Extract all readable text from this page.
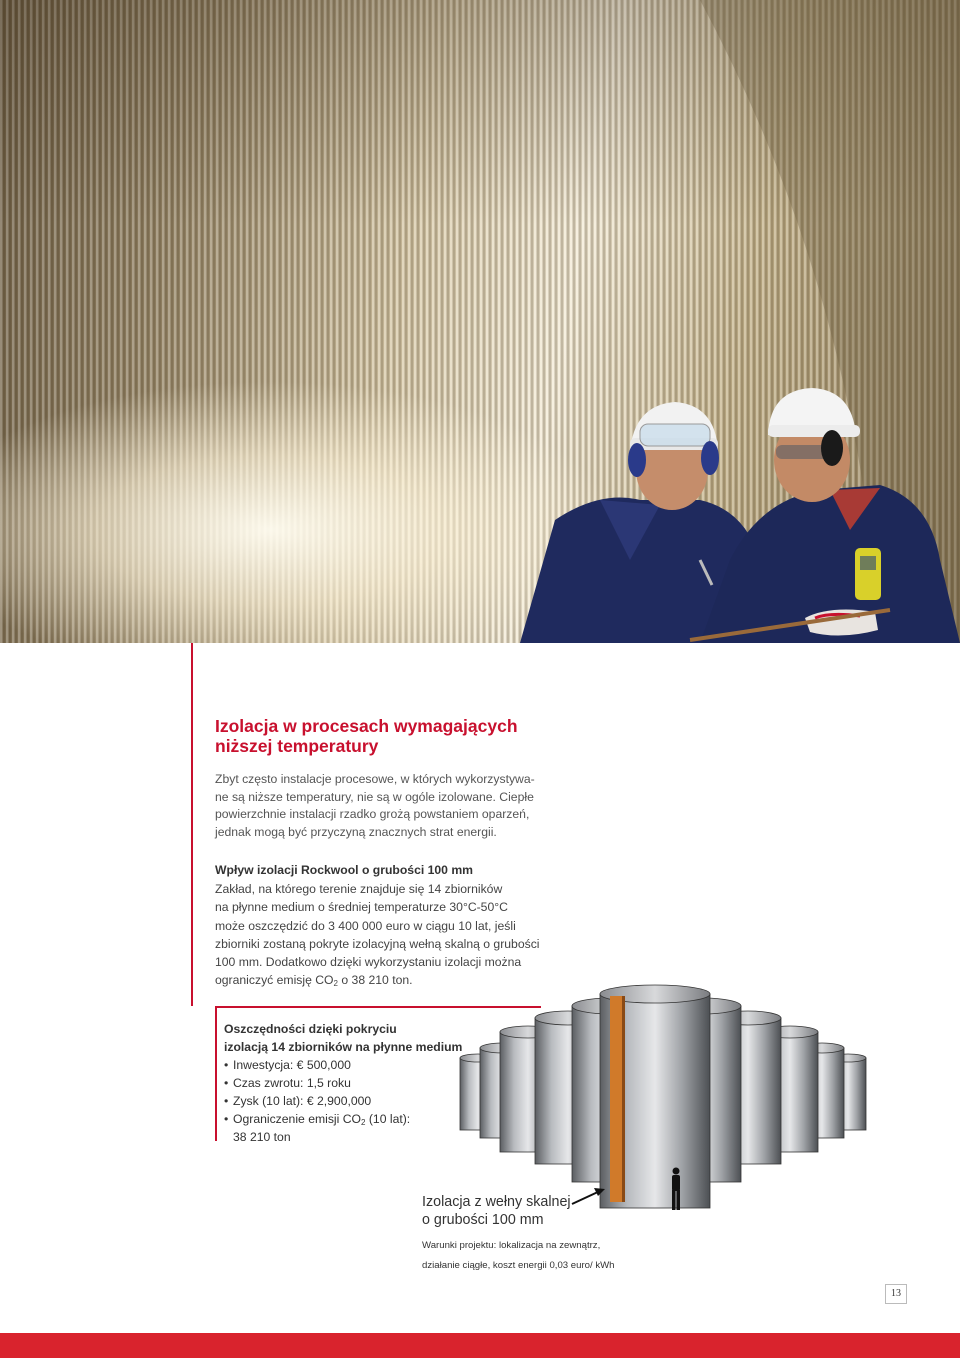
Izolacja w procesach wymagających
niższej temperatury
Zbyt często instalacje procesowe, w których wykorzystywa-
ne są niższe temperatury, nie są w ogóle izolowane. Ciepłe
powierzchnie instalacji rzadko grożą powstaniem oparzeń,
jednak mogą być przyczyną znacznych strat energii.
Wpływ izolacji Rockwool o grubości 100 mm
Zakład, na którego terenie znajduje się 14 zbiorników
na płynne medium o średniej temperaturze 30°C-50°C
może oszczędzić do 3 400 000 euro w ciągu 10 lat, jeśli
zbiorniki zostaną pokryte izolacyjną wełną skalną o grubości
100 mm. Dodatkowo dzięki wykorzystaniu izolacji można
ograniczyć emisję $CO_2$ o 38 210 ton.
Oszczędności dzięki pokryciu
izolacją 14 zbiorników na płynne medium
• Inwestycja: € 500,000
• Czas zwrotu: 1,5 roku
• Zysk (10 lat): € 2,900,000
• Ograniczenie emisji $CO_2$ (10 lat):
38 210 ton
Izolacja z wełny skalnej
o grubości 100 mm
Warunki projektu: lokalizacja na zewnątrz,
działanie ciągłe, koszt energii 0,03 euro/ kWh
13
